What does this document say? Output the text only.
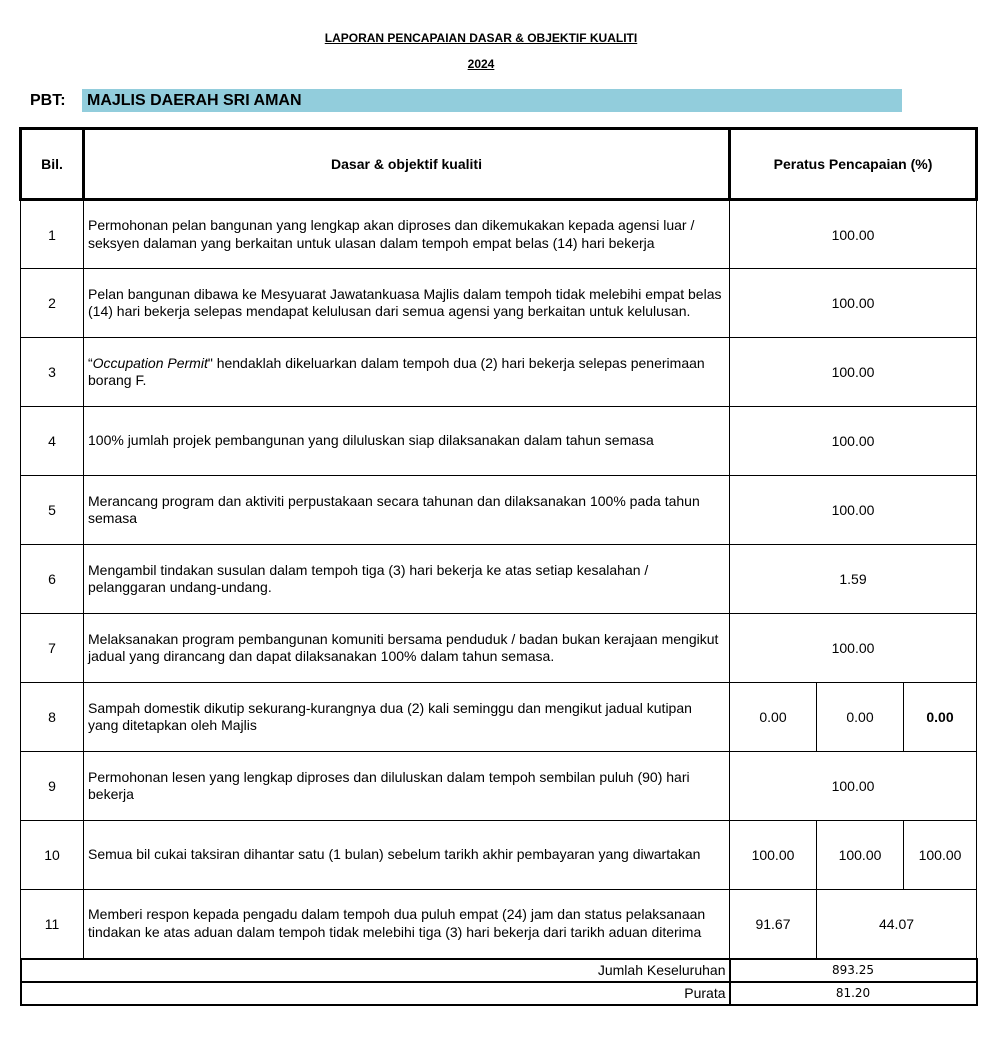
LAPORAN PENCAPAIAN DASAR & OBJEKTIF KUALITI
2024
PBT:	MAJLIS DAERAH SRI AMAN
Bil.	Dasar & objektif kualiti	Peratus Pencapaian (%)		
1	Permohonan pelan bangunan yang lengkap akan diproses dan dikemukakan kepada agensi luar / seksyen dalaman yang berkaitan untuk ulasan dalam tempoh empat belas (14) hari bekerja	100.00		
2	Pelan bangunan dibawa ke Mesyuarat Jawatankuasa Majlis dalam tempoh tidak melebihi empat belas (14) hari bekerja selepas mendapat kelulusan dari semua agensi yang berkaitan untuk kelulusan.	100.00		
3	“Occupation Permit" hendaklah dikeluarkan dalam tempoh dua (2) hari bekerja selepas penerimaan borang F.	100.00		
4	100% jumlah projek pembangunan yang diluluskan siap dilaksanakan dalam tahun semasa	100.00		
5	Merancang program dan aktiviti perpustakaan secara tahunan dan dilaksanakan 100% pada tahun semasa	100.00		
6	Mengambil tindakan susulan dalam tempoh tiga (3) hari bekerja ke atas setiap kesalahan / pelanggaran undang-undang.	1.59		
7	Melaksanakan program pembangunan komuniti bersama penduduk / badan bukan kerajaan mengikut jadual yang dirancang dan dapat dilaksanakan 100% dalam tahun semasa.	100.00		
8	Sampah domestik dikutip sekurang-kurangnya dua (2) kali seminggu dan mengikut jadual kutipan yang ditetapkan oleh Majlis	0.00	0.00	0.00
9	Permohonan lesen yang lengkap diproses dan diluluskan dalam tempoh sembilan puluh (90) hari bekerja	100.00		
10	Semua bil cukai taksiran dihantar satu (1 bulan) sebelum tarikh akhir pembayaran yang diwartakan	100.00	100.00	100.00
11	Memberi respon kepada pengadu dalam tempoh dua puluh empat (24) jam dan status pelaksanaan tindakan ke atas aduan dalam tempoh tidak melebihi tiga (3) hari bekerja dari tarikh aduan diterima	91.67	44.07	
Jumlah Keseluruhan		893.25		
Purata		81.20		
